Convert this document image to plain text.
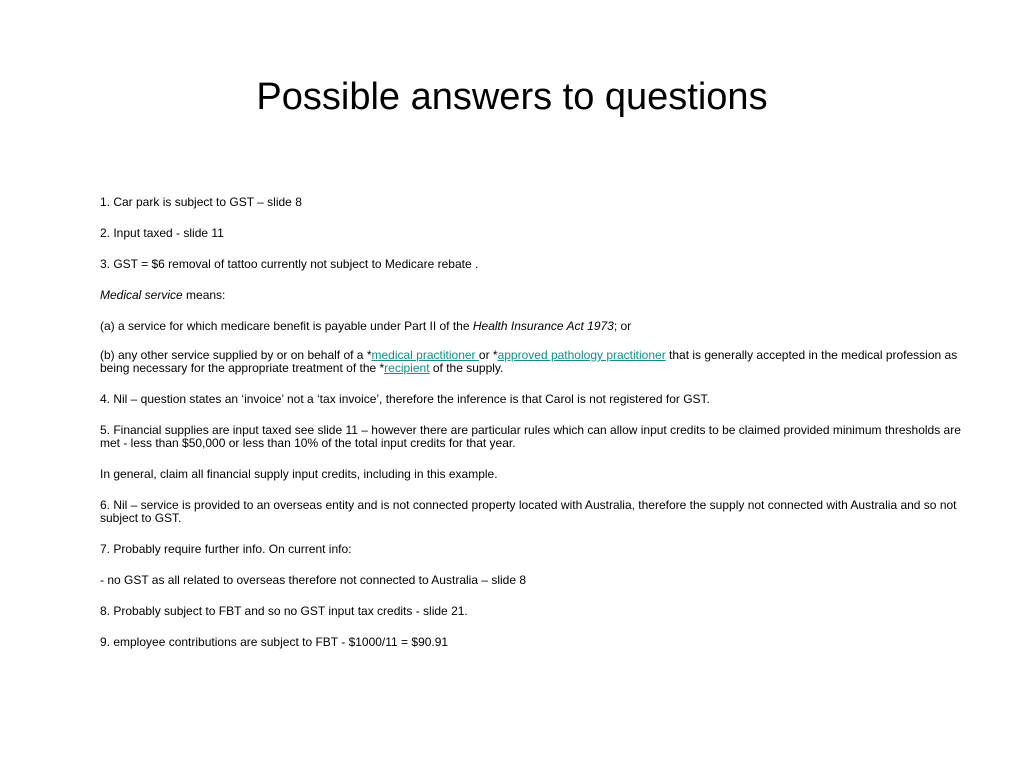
Possible answers to questions

1. Car park is subject to GST – slide 8

2. Input taxed - slide 11

3. GST = $6 removal of tattoo currently not subject to Medicare rebate .

Medical service means:

(a) a service for which medicare benefit is payable under Part II of the Health Insurance Act 1973; or

(b) any other service supplied by or on behalf of a *medical practitioner or *approved pathology practitioner that is generally accepted in the medical profession as being necessary for the appropriate treatment of the *recipient of the supply.

4. Nil – question states an ‘invoice’ not a ‘tax invoice’, therefore the inference is that Carol is not registered for GST.

5. Financial supplies are input taxed see slide 11 – however there are particular rules which can allow input credits to be claimed provided minimum thresholds are met - less than $50,000 or less than 10% of the total input credits for that year.

In general, claim all financial supply input credits, including in this example.

6. Nil – service is provided to an overseas entity and is not connected property located with Australia, therefore the supply not connected with Australia and so not subject to GST.

7. Probably require further info. On current info:

- no GST as all related to overseas therefore not connected to Australia – slide 8

8. Probably subject to FBT and so no GST input tax credits - slide 21.

9. employee contributions are subject to FBT - $1000/11 = $90.91
